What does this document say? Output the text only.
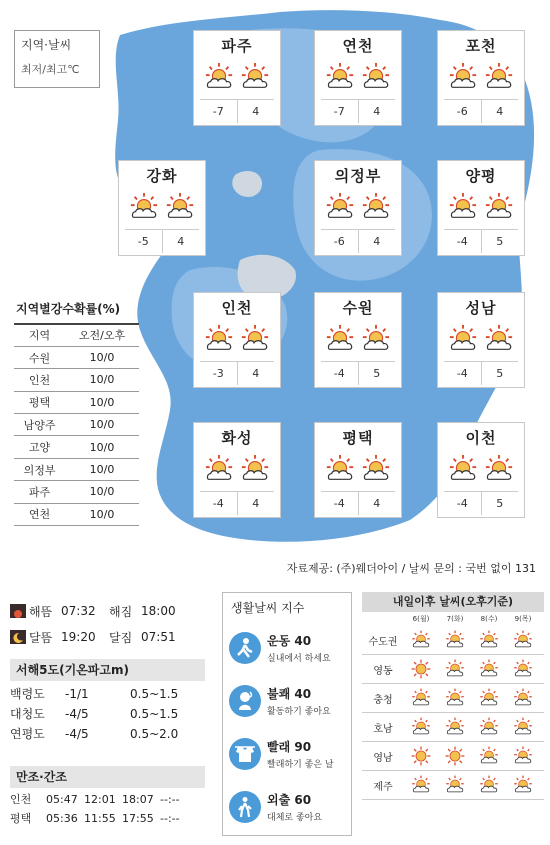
지역·날씨
최저/최고℃
파주
-7	4
연천
-7	4
포천
-6	4
강화
-5	4
의정부
-6	4
양평
-4	5
인천
-3	4
수원
-4	5
성남
-4	5
화성
-4	4
평택
-4	4
이천
-4	5
지역별강수확률(%)
지역	오전/오후
수원	10/0
인천	10/0
평택	10/0
남양주	10/0
고양	10/0
의정부	10/0
파주	10/0
연천	10/0
자료제공: (주)웨더아이 / 날씨 문의 : 국번 없이 131
해뜸 07:32	해짐 18:00
달뜸 19:20	달짐 07:51
서해5도(기온파고m)
백령도	-1/1	0.5~1.5
대청도	-4/5	0.5~1.5
연평도	-4/5	0.5~2.0
만조·간조
인천	05:47 12:01 18:07 --:--
평택	05:36 11:55 17:55 --:--
생활날씨 지수
운동 40
실내에서 하세요
불쾌 40
활동하기 좋아요
빨래 90
빨래하기 좋은 날
외출 60
대체로 좋아요
내일이후 날씨(오후기준)
6(월)	7(화)	8(수)	9(목)
수도권
영동
충청
호남
영남
제주
